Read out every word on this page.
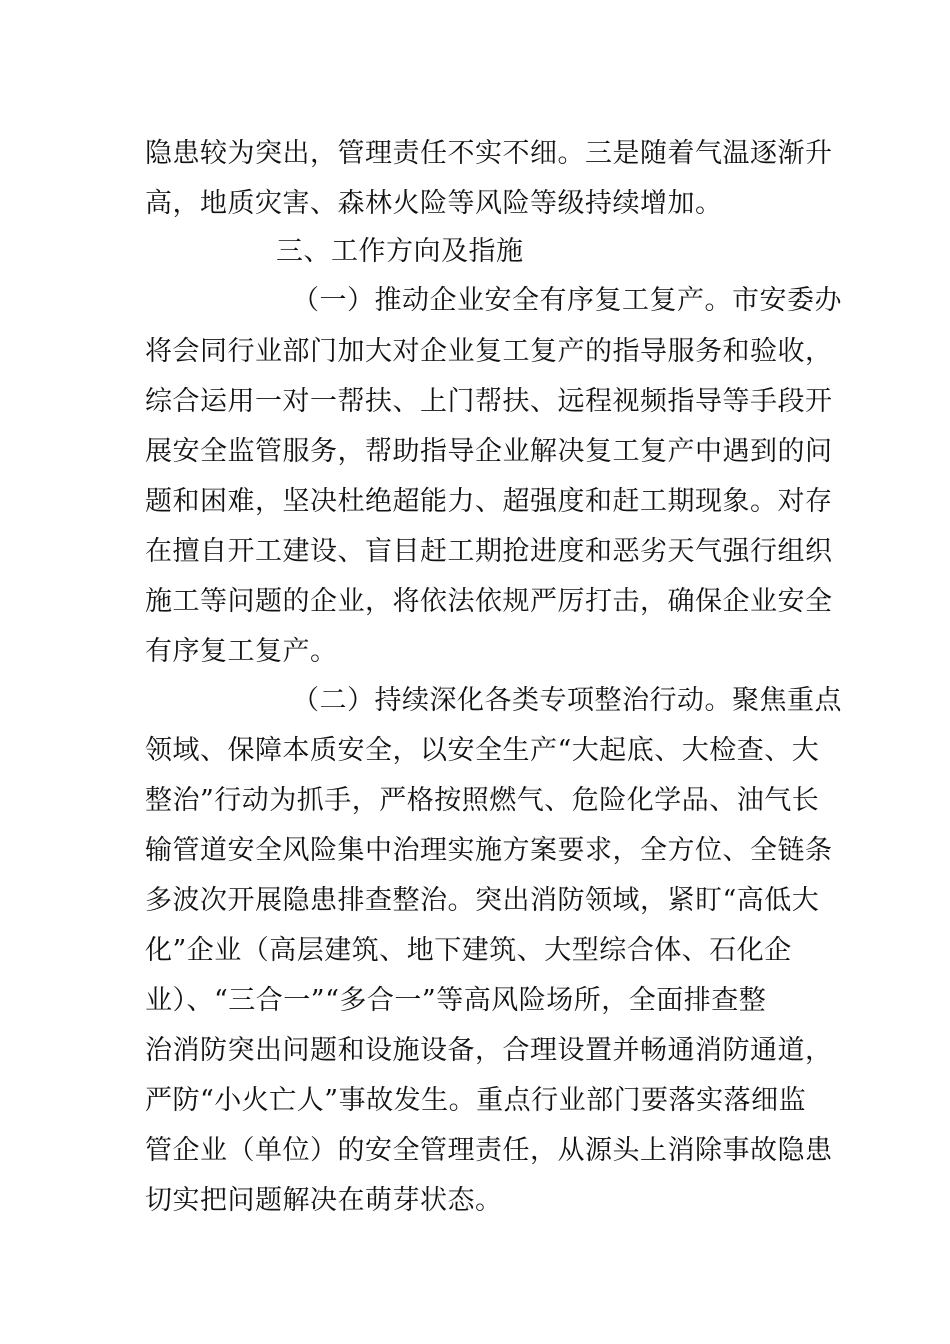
隐患较为突出，管理责任不实不细。三是随着气温逐渐升
高，地质灾害、森林火险等风险等级持续增加。
三、工作方向及指施
（一）推动企业安全有序复工复产。市安委办
将会同行业部门加大对企业复工复产的指导服务和验收，
综合运用一对一帮扶、上门帮扶、远程视频指导等手段开
展安全监管服务，帮助指导企业解决复工复产中遇到的问
题和困难，坚决杜绝超能力、超强度和赶工期现象。对存
在擅自开工建设、盲目赶工期抢进度和恶劣天气强行组织
施工等问题的企业，将依法依规严厉打击，确保企业安全
有序复工复产。
（二）持续深化各类专项整治行动。聚焦重点
领域、保障本质安全，以安全生产“大起底、大检查、大
整治”行动为抓手，严格按照燃气、危险化学品、油气长
输管道安全风险集中治理实施方案要求，全方位、全链条
多波次开展隐患排查整治。突出消防领域，紧盯“高低大
化”企业（高层建筑、地下建筑、大型综合体、石化企
业）、“三合一”“多合一”等高风险场所，全面排查整
治消防突出问题和设施设备，合理设置并畅通消防通道，
严防“小火亡人”事故发生。重点行业部门要落实落细监
管企业（单位）的安全管理责任，从源头上消除事故隐患
切实把问题解决在萌芽状态。
